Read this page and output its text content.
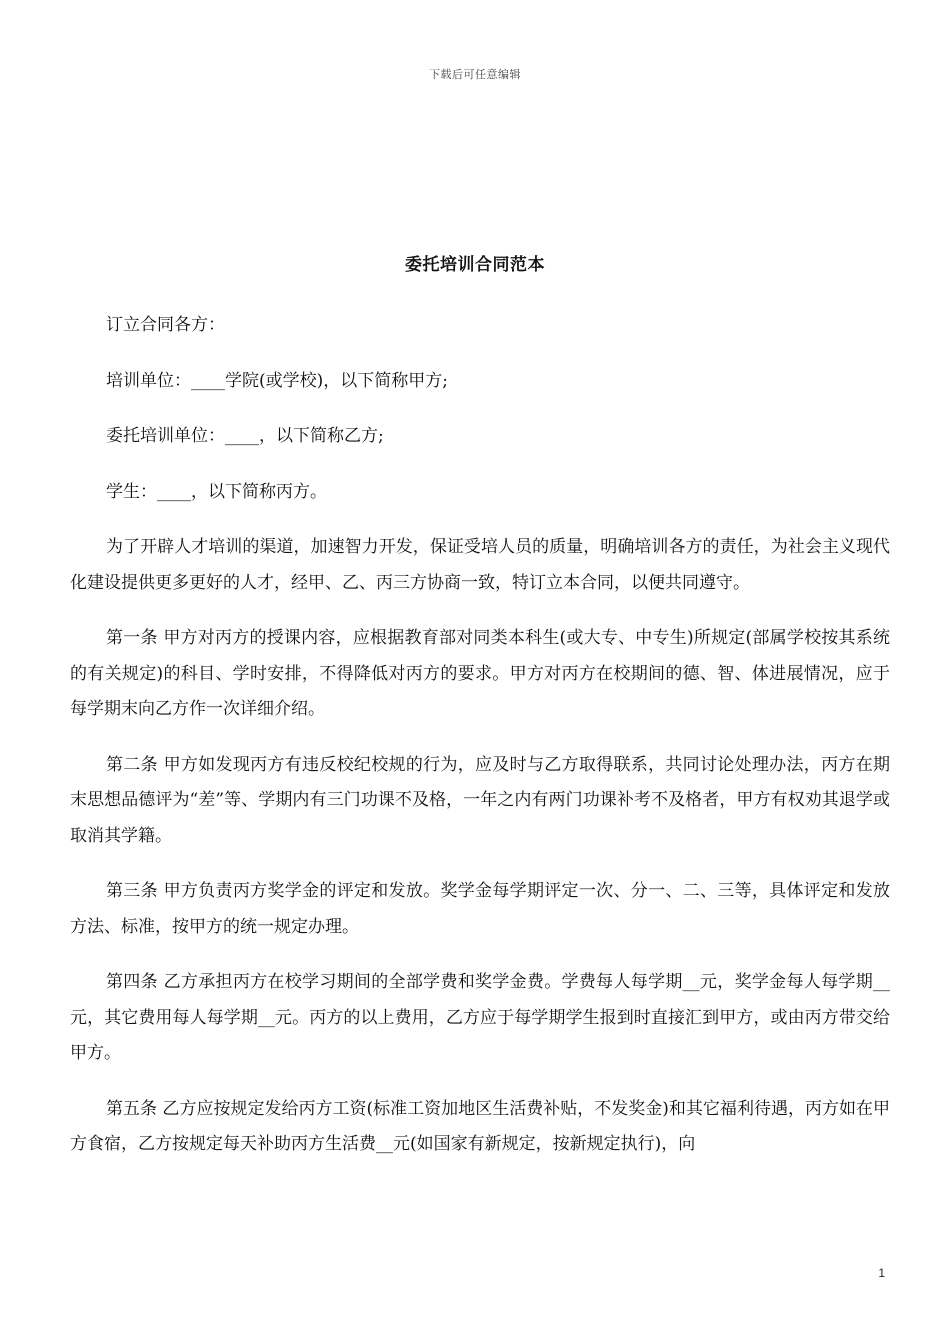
下载后可任意编辑
委托培训合同范本

订立合同各方：

培训单位：____学院(或学校)，以下简称甲方;

委托培训单位：____，以下简称乙方;

学生：____，以下简称丙方。

为了开辟人才培训的渠道，加速智力开发，保证受培人员的质量，明确培训各方的责任，为社会主义现代化建设提供更多更好的人才，经甲、乙、丙三方协商一致，特订立本合同，以便共同遵守。

第一条 甲方对丙方的授课内容，应根据教育部对同类本科生(或大专、中专生)所规定(部属学校按其系统的有关规定)的科目、学时安排，不得降低对丙方的要求。甲方对丙方在校期间的德、智、体进展情况，应于每学期末向乙方作一次详细介绍。

第二条 甲方如发现丙方有违反校纪校规的行为，应及时与乙方取得联系，共同讨论处理办法，丙方在期末思想品德评为“差”等、学期内有三门功课不及格，一年之内有两门功课补考不及格者，甲方有权劝其退学或取消其学籍。

第三条 甲方负责丙方奖学金的评定和发放。奖学金每学期评定一次、分一、二、三等，具体评定和发放方法、标准，按甲方的统一规定办理。

第四条 乙方承担丙方在校学习期间的全部学费和奖学金费。学费每人每学期__元，奖学金每人每学期__元，其它费用每人每学期__元。丙方的以上费用，乙方应于每学期学生报到时直接汇到甲方，或由丙方带交给甲方。

第五条 乙方应按规定发给丙方工资(标准工资加地区生活费补贴，不发奖金)和其它福利待遇，丙方如在甲方食宿，乙方按规定每天补助丙方生活费__元(如国家有新规定，按新规定执行)，向

1
